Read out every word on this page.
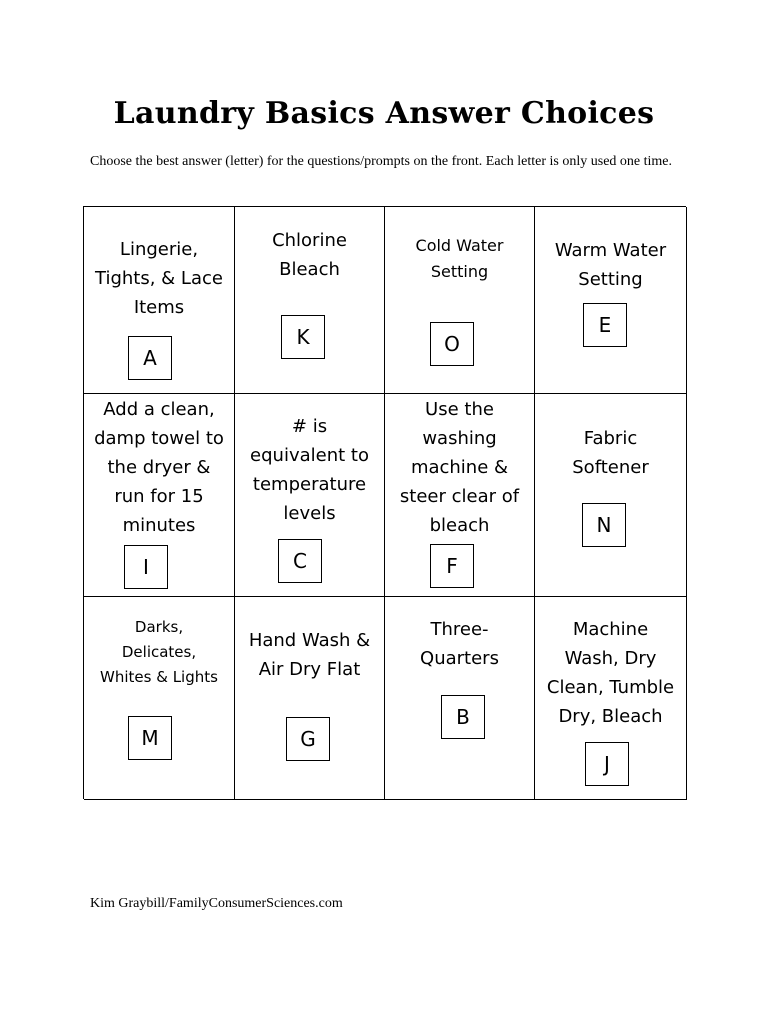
Laundry Basics Answer Choices
Choose the best answer (letter) for the questions/prompts on the front. Each letter is only used one time.
Lingerie,
Tights, & Lace
Items
A
Chlorine
Bleach
K
Cold Water
Setting
O
Warm Water
Setting
E
Add a clean,
damp towel to
the dryer &
run for 15
minutes
I
# is
equivalent to
temperature
levels
C
Use the
washing
machine &
steer clear of
bleach
F
Fabric
Softener
N
Darks,
Delicates,
Whites & Lights
M
Hand Wash &
Air Dry Flat
G
Three-
Quarters
B
Machine
Wash, Dry
Clean, Tumble
Dry, Bleach
J
Kim Graybill/FamilyConsumerSciences.com
